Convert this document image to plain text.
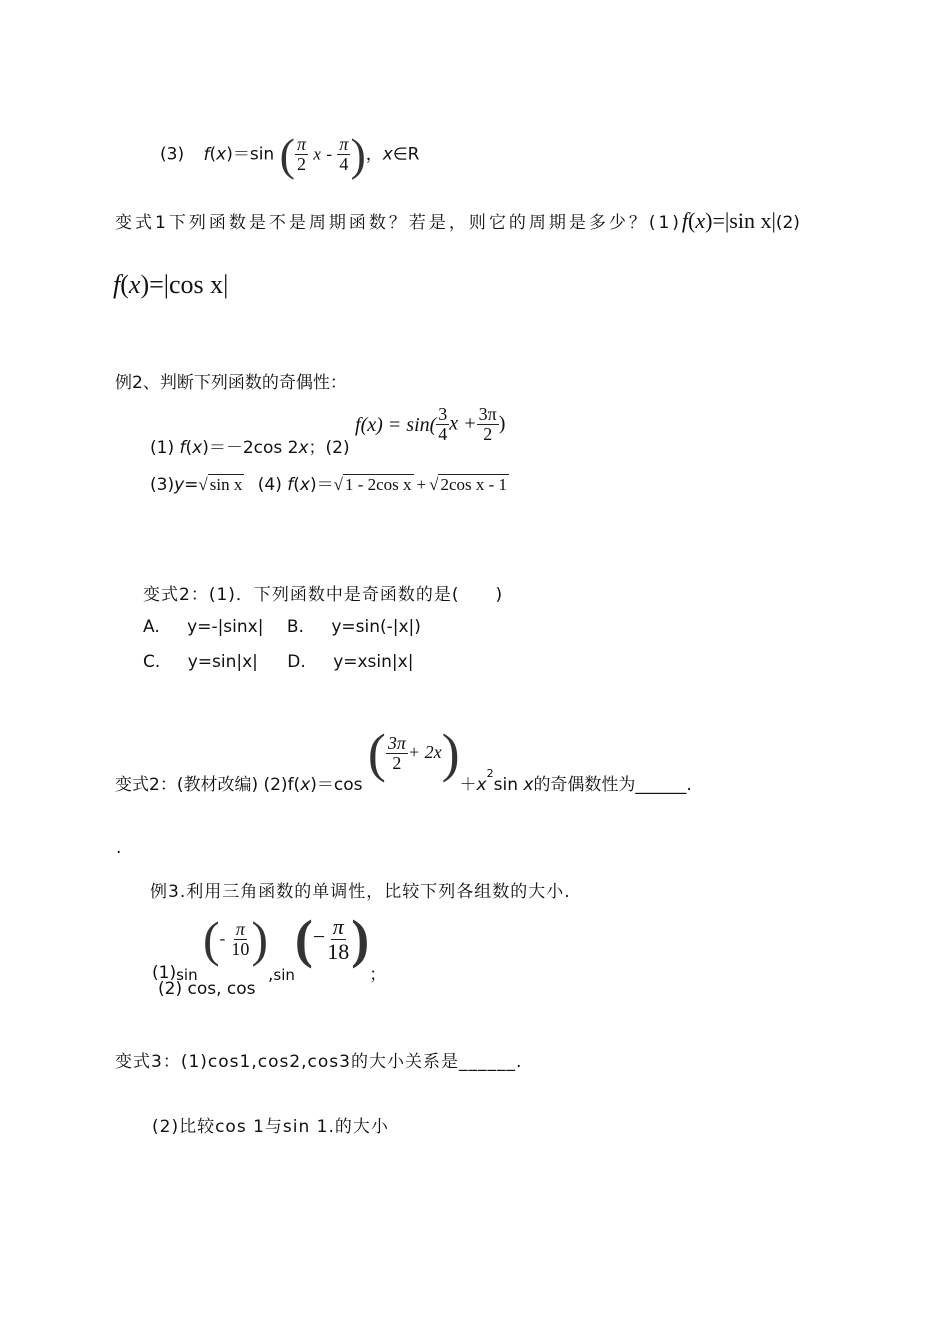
(3) f(x)＝sin ( $\frac{\pi}{2}$ x - $\frac{\pi}{4}$ )，x∈R
变式1下列函数是不是周期函数？若是，则它的周期是多少？(1)f(x)=|sin x|(2)
f(x)=|cos x|
例2、判断下列函数的奇偶性：
(1) f(x)＝－2cos 2x；(2) $f(x) = \sin( \frac{3}{4}$ $x + \frac{3\pi}{2}$ )
(3)y=√ sin x (4) f(x)＝√ 1 - 2cos x + √ 2cos x - 1
变式2：(1)．下列函数中是奇函数的是(　　)
A. y=-|sinx| B. y=sin(-|x|)
C. y=sin|x| D. y=xsin|x|
变式2：(教材改编) (2)f(x)＝cos ( $\frac{3\pi}{2} + 2x)+x^2\sin$ x的奇偶数性为______.
·
例3.利用三角函数的单调性，比较下列各组数的大小.
(1)sin (- $\frac{\pi}{10} ),\sin(- \frac{\pi}{18}$ )；
(2) cos, cos
变式3：(1)cos1,cos2,cos3的大小关系是______.
(2)比较cos 1与sin 1.的大小
